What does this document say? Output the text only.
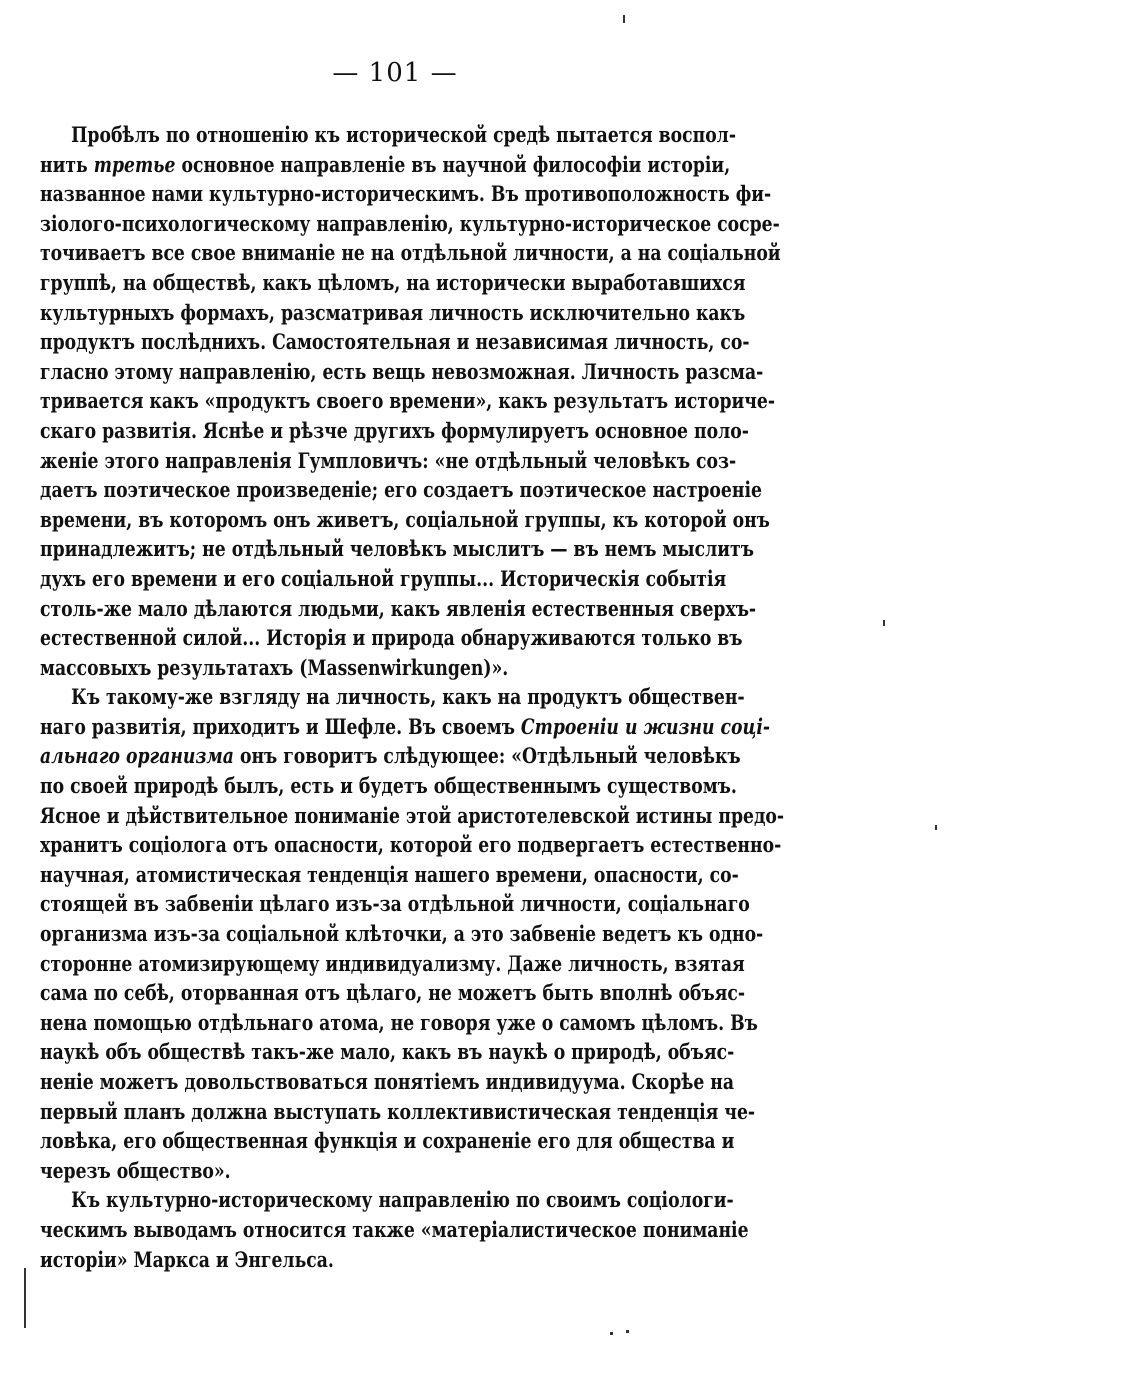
— 101 —
Пробѣлъ по отношенію къ исторической средѣ пытается воспол-
нить третье основное направленіе въ научной философіи исторіи,
названное нами культурно-историческимъ. Въ противоположность фи-
зіолого-психологическому направленію, культурно-историческое сосре-
точиваетъ все свое вниманіе не на отдѣльной личности, а на соціальной
группѣ, на обществѣ, какъ цѣломъ, на исторически выработавшихся
культурныхъ формахъ, разсматривая личность исключительно какъ
продуктъ послѣднихъ. Самостоятельная и независимая личность, со-
гласно этому направленію, есть вещь невозможная. Личность разсма-
тривается какъ «продуктъ своего времени», какъ результатъ историче-
скаго развитія. Яснѣе и рѣзче другихъ формулируетъ основное поло-
женіе этого направленія Гумпловичъ: «не отдѣльный человѣкъ соз-
даетъ поэтическое произведеніе; его создаетъ поэтическое настроеніе
времени, въ которомъ онъ живетъ, соціальной группы, къ которой онъ
принадлежитъ; не отдѣльный человѣкъ мыслитъ — въ немъ мыслитъ
духъ его времени и его соціальной группы... Историческія событія
столь-же мало дѣлаются людьми, какъ явленія естественныя сверхъ-
естественной силой... Исторія и природа обнаруживаются только въ
массовыхъ результатахъ (Massenwirkungen)».
Къ такому-же взгляду на личность, какъ на продуктъ обществен-
наго развитія, приходитъ и Шефле. Въ своемъ Строеніи и жизни соці-
альнаго организма онъ говоритъ слѣдующее: «Отдѣльный человѣкъ
по своей природѣ былъ, есть и будетъ общественнымъ существомъ.
Ясное и дѣйствительное пониманіе этой аристотелевской истины предо-
хранитъ соціолога отъ опасности, которой его подвергаетъ естественно-
научная, атомистическая тенденція нашего времени, опасности, со-
стоящей въ забвеніи цѣлаго изъ-за отдѣльной личности, соціальнаго
организма изъ-за соціальной клѣточки, а это забвеніе ведетъ къ одно-
сторонне атомизирующему индивидуализму. Даже личность, взятая
сама по себѣ, оторванная отъ цѣлаго, не можетъ быть вполнѣ объяс-
нена помощью отдѣльнаго атома, не говоря уже о самомъ цѣломъ. Въ
наукѣ объ обществѣ такъ-же мало, какъ въ наукѣ о природѣ, объяс-
неніе можетъ довольствоваться понятіемъ индивидуума. Скорѣе на
первый планъ должна выступать коллективистическая тенденція че-
ловѣка, его общественная функція и сохраненіе его для общества и
черезъ общество».
Къ культурно-историческому направленію по своимъ соціологи-
ческимъ выводамъ относится также «матеріалистическое пониманіе
исторіи» Маркса и Энгельса.
